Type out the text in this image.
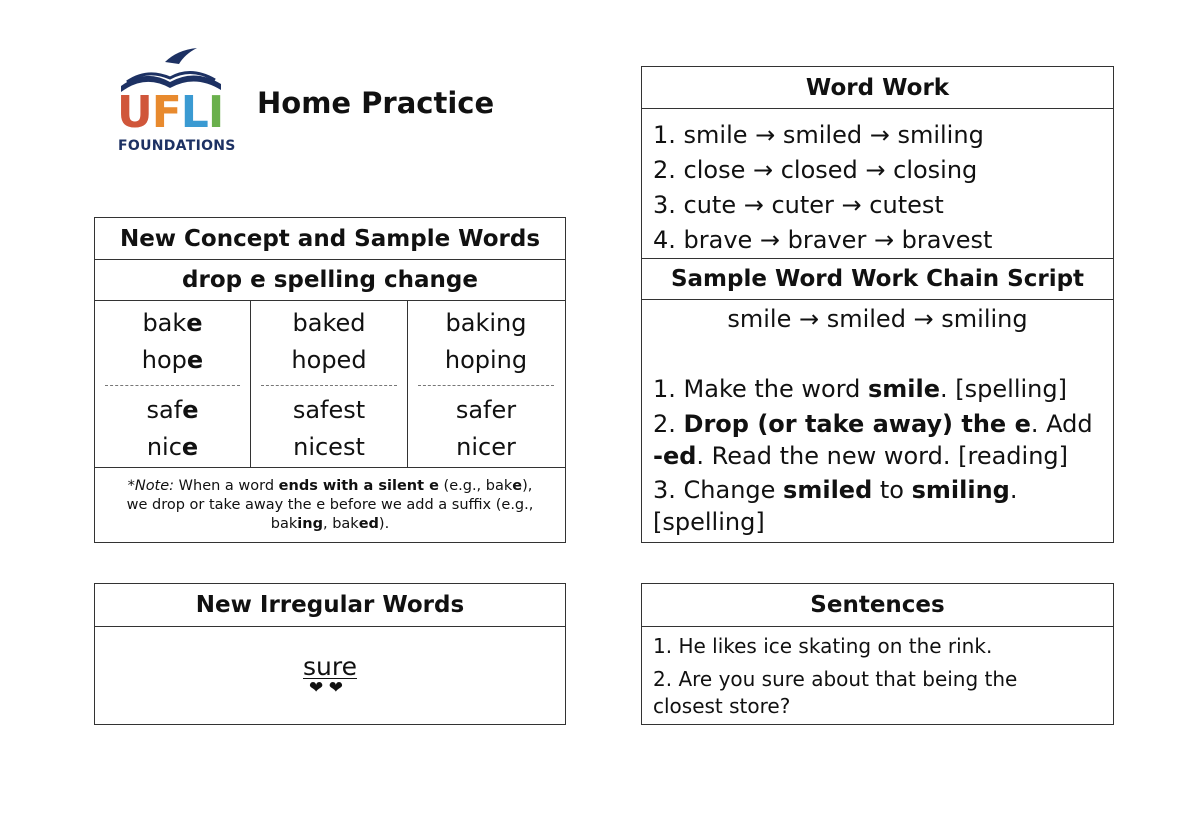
UFLI
FOUNDATIONS
Home Practice
New Concept and Sample Words
drop e spelling change
bake
hope
safe
nice
baked
hoped
safest
nicest
baking
hoping
safer
nicer
*Note: When a word ends with a silent e (e.g., bake), we drop or take away the e before we add a suffix (e.g., baking, baked).
New Irregular Words
sure
❤ ❤
Word Work
1. smile → smiled → smiling
2. close → closed → closing
3. cute → cuter → cutest
4. brave → braver → bravest
Sample Word Work Chain Script
smile → smiled → smiling
1. Make the word smile. [spelling]
2. Drop (or take away) the e. Add
-ed. Read the new word. [reading]
3. Change smiled to smiling.
[spelling]
Sentences
1. He likes ice skating on the rink.
2. Are you sure about that being the
closest store?
